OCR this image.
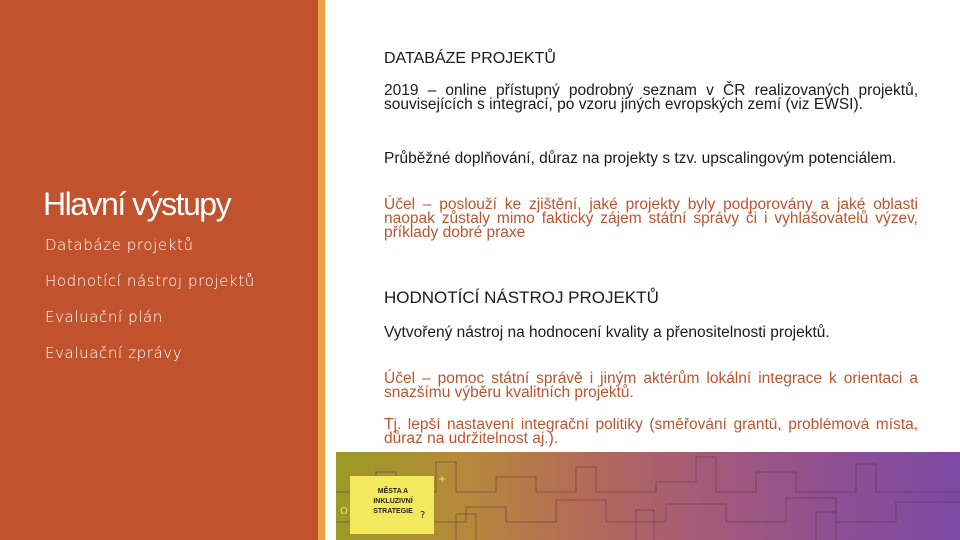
Hlavní výstupy
Databáze projektů
Hodnotící nástroj projektů
Evaluační plán
Evaluační zprávy
DATABÁZE PROJEKTŮ
2019 – online přístupný podrobný seznam v ČR realizovaných projektů, souvisejících s integrací, po vzoru jiných evropských zemí (viz EWSI).
Průběžné doplňování, důraz na projekty s tzv. upscalingovým potenciálem.
Účel – poslouží ke zjištění, jaké projekty byly podporovány a jaké oblasti naopak zůstaly mimo faktický zájem státní správy či i vyhlašovatelů výzev, příklady dobré praxe
HODNOTÍCÍ NÁSTROJ PROJEKTŮ
Vytvořený nástroj na hodnocení kvality a přenositelnosti projektů.
Účel – pomoc státní správě i jiným aktérům lokální integrace k orientaci a snazšímu výběru kvalitních projektů.
Tj. lepší nastavení integrační politiky (směřování grantů, problémová místa, důraz na udržitelnost aj.).
MĚSTA A INKLUZIVNÍ STRATEGIE
+
O	?
<
